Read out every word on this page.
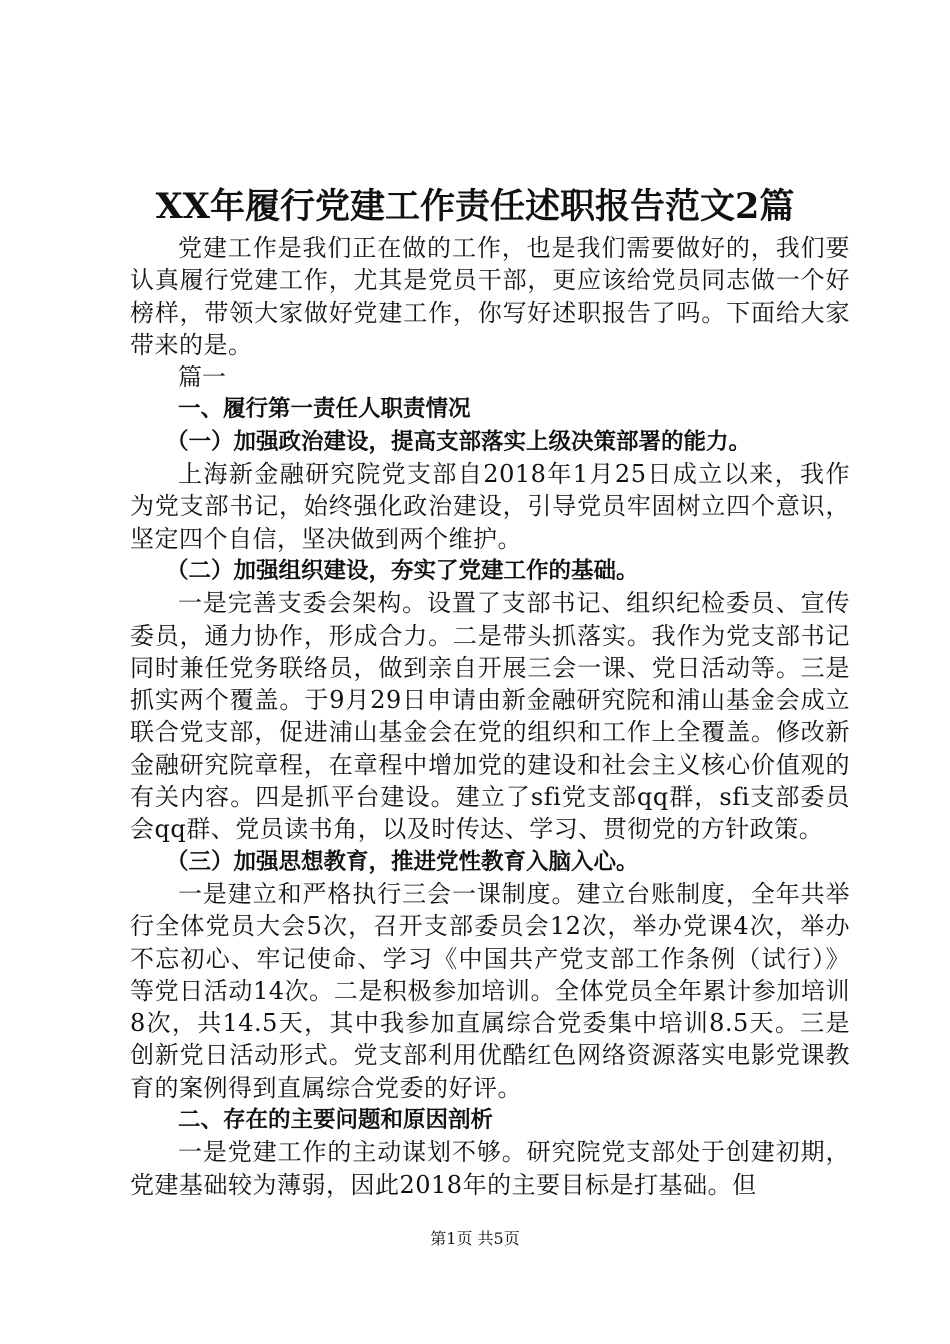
XX年履行党建工作责任述职报告范文2篇

党建工作是我们正在做的工作，也是我们需要做好的，我们要认真履行党建工作，尤其是党员干部，更应该给党员同志做一个好榜样，带领大家做好党建工作，你写好述职报告了吗。下面给大家带来的是。

篇一

一、履行第一责任人职责情况

（一）加强政治建设，提高支部落实上级决策部署的能力。

上海新金融研究院党支部自2018年1月25日成立以来，我作为党支部书记，始终强化政治建设，引导党员牢固树立四个意识，坚定四个自信，坚决做到两个维护。

（二）加强组织建设，夯实了党建工作的基础。

一是完善支委会架构。设置了支部书记、组织纪检委员、宣传委员，通力协作，形成合力。二是带头抓落实。我作为党支部书记同时兼任党务联络员，做到亲自开展三会一课、党日活动等。三是抓实两个覆盖。于9月29日申请由新金融研究院和浦山基金会成立联合党支部，促进浦山基金会在党的组织和工作上全覆盖。修改新金融研究院章程，在章程中增加党的建设和社会主义核心价值观的有关内容。四是抓平台建设。建立了sfi党支部qq群，sfi支部委员会qq群、党员读书角，以及时传达、学习、贯彻党的方针政策。

（三）加强思想教育，推进党性教育入脑入心。

一是建立和严格执行三会一课制度。建立台账制度，全年共举行全体党员大会5次，召开支部委员会12次，举办党课4次，举办不忘初心、牢记使命、学习《中国共产党支部工作条例（试行）》等党日活动14次。二是积极参加培训。全体党员全年累计参加培训8次，共14.5天，其中我参加直属综合党委集中培训8.5天。三是创新党日活动形式。党支部利用优酷红色网络资源落实电影党课教育的案例得到直属综合党委的好评。

二、存在的主要问题和原因剖析

一是党建工作的主动谋划不够。研究院党支部处于创建初期，党建基础较为薄弱，因此2018年的主要目标是打基础。但

第1页 共5页
